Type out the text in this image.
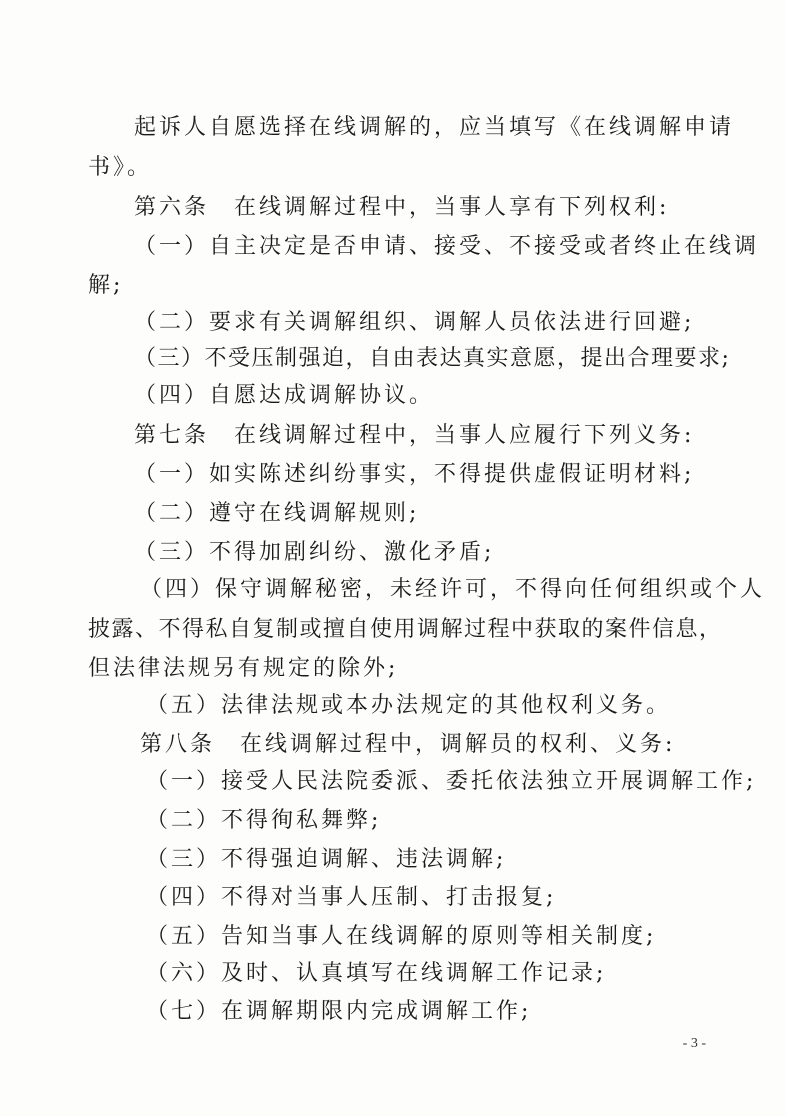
起诉人自愿选择在线调解的，应当填写《在线调解申请
书》。
第六条　在线调解过程中，当事人享有下列权利:
（一）自主决定是否申请、接受、不接受或者终止在线调
解;
（二）要求有关调解组织、调解人员依法进行回避;
（三）不受压制强迫，自由表达真实意愿，提出合理要求;
（四）自愿达成调解协议。
第七条　在线调解过程中，当事人应履行下列义务:
（一）如实陈述纠纷事实，不得提供虚假证明材料;
（二）遵守在线调解规则;
（三）不得加剧纠纷、激化矛盾;
（四）保守调解秘密，未经许可，不得向任何组织或个人
披露、不得私自复制或擅自使用调解过程中获取的案件信息，
但法律法规另有规定的除外;
（五）法律法规或本办法规定的其他权利义务。
第八条　在线调解过程中，调解员的权利、义务:
（一）接受人民法院委派、委托依法独立开展调解工作;
（二）不得徇私舞弊;
（三）不得强迫调解、违法调解;
（四）不得对当事人压制、打击报复;
（五）告知当事人在线调解的原则等相关制度;
（六）及时、认真填写在线调解工作记录;
（七）在调解期限内完成调解工作;
- 3 -
